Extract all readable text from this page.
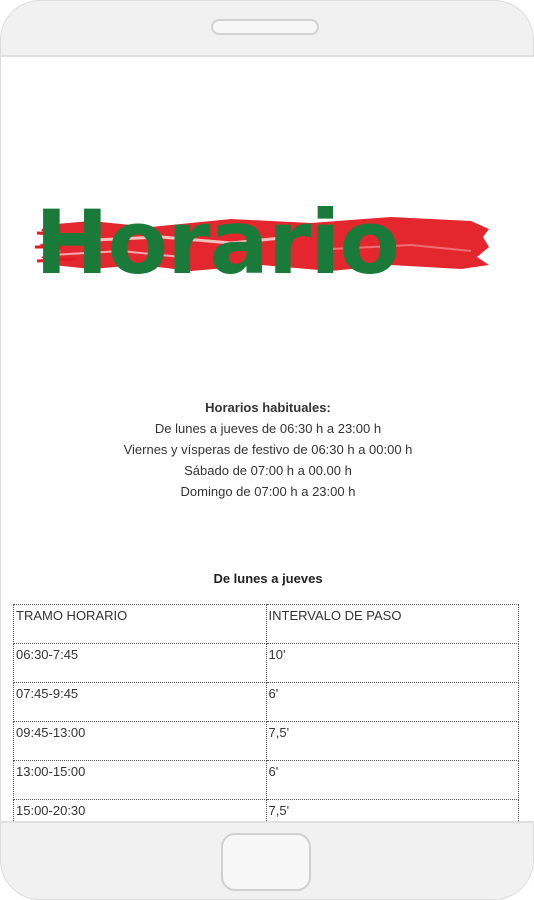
Horario
Horarios habituales:
De lunes a jueves de 06:30 h a 23:00 h
Viernes y vísperas de festivo de 06:30 h a 00:00 h
Sábado de 07:00 h a 00.00 h
Domingo de 07:00 h a 23:00 h
De lunes a jueves
TRAMO HORARIO	INTERVALO DE PASO
06:30-7:45	10'
07:45-9:45	6'
09:45-13:00	7,5'
13:00-15:00	6'
15:00-20:30	7,5'
